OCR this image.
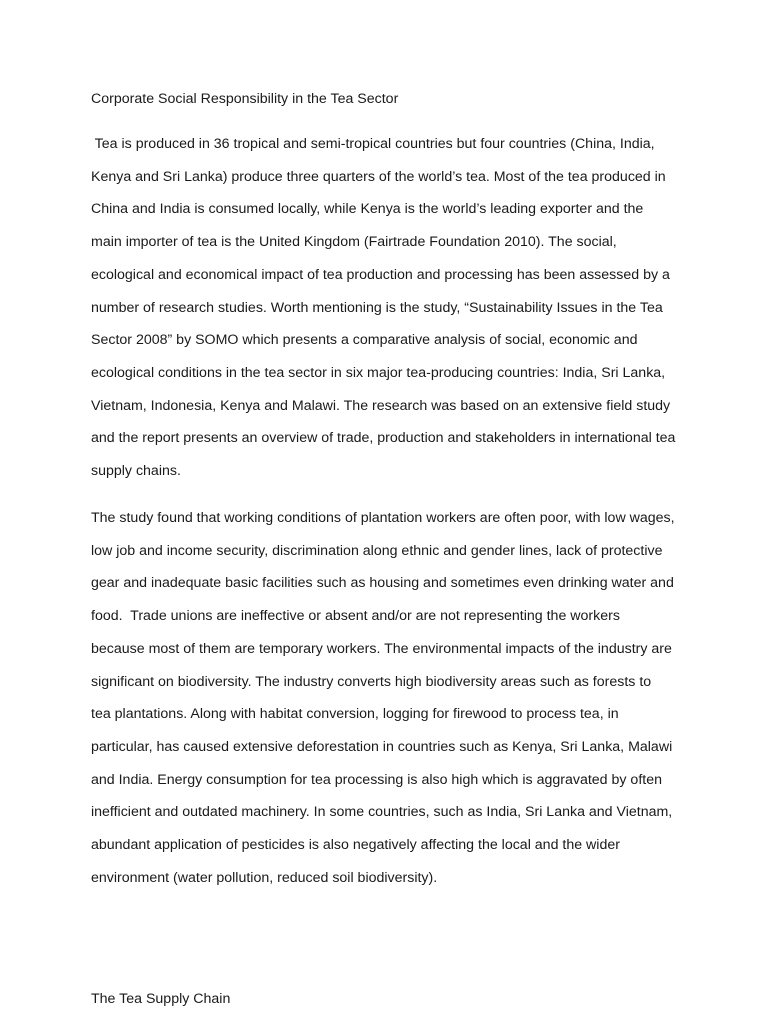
Corporate Social Responsibility in the Tea Sector
Tea is produced in 36 tropical and semi-tropical countries but four countries (China, India,
Kenya and Sri Lanka) produce three quarters of the world’s tea. Most of the tea produced in
China and India is consumed locally, while Kenya is the world’s leading exporter and the
main importer of tea is the United Kingdom (Fairtrade Foundation 2010). The social,
ecological and economical impact of tea production and processing has been assessed by a
number of research studies. Worth mentioning is the study, “Sustainability Issues in the Tea
Sector 2008” by SOMO which presents a comparative analysis of social, economic and
ecological conditions in the tea sector in six major tea-producing countries: India, Sri Lanka,
Vietnam, Indonesia, Kenya and Malawi. The research was based on an extensive field study
and the report presents an overview of trade, production and stakeholders in international tea
supply chains.
The study found that working conditions of plantation workers are often poor, with low wages,
low job and income security, discrimination along ethnic and gender lines, lack of protective
gear and inadequate basic facilities such as housing and sometimes even drinking water and
food.  Trade unions are ineffective or absent and/or are not representing the workers
because most of them are temporary workers. The environmental impacts of the industry are
significant on biodiversity. The industry converts high biodiversity areas such as forests to
tea plantations. Along with habitat conversion, logging for firewood to process tea, in
particular, has caused extensive deforestation in countries such as Kenya, Sri Lanka, Malawi
and India. Energy consumption for tea processing is also high which is aggravated by often
inefficient and outdated machinery. In some countries, such as India, Sri Lanka and Vietnam,
abundant application of pesticides is also negatively affecting the local and the wider
environment (water pollution, reduced soil biodiversity).
The Tea Supply Chain
